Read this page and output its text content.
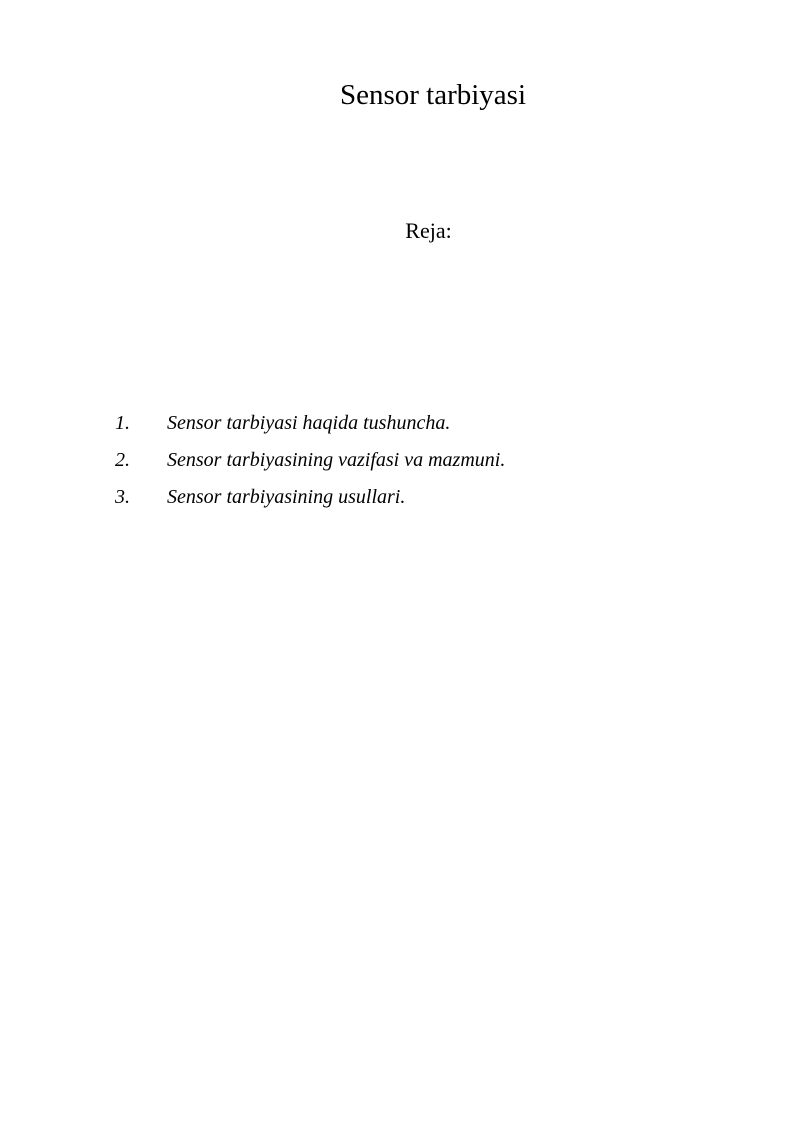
Sensor tarbiyasi
Reja:
1.	Sensor tarbiyasi haqida tushuncha.
2.	Sensor tarbiyasining vazifasi va mazmuni.
3.	Sensor tarbiyasining usullari.
